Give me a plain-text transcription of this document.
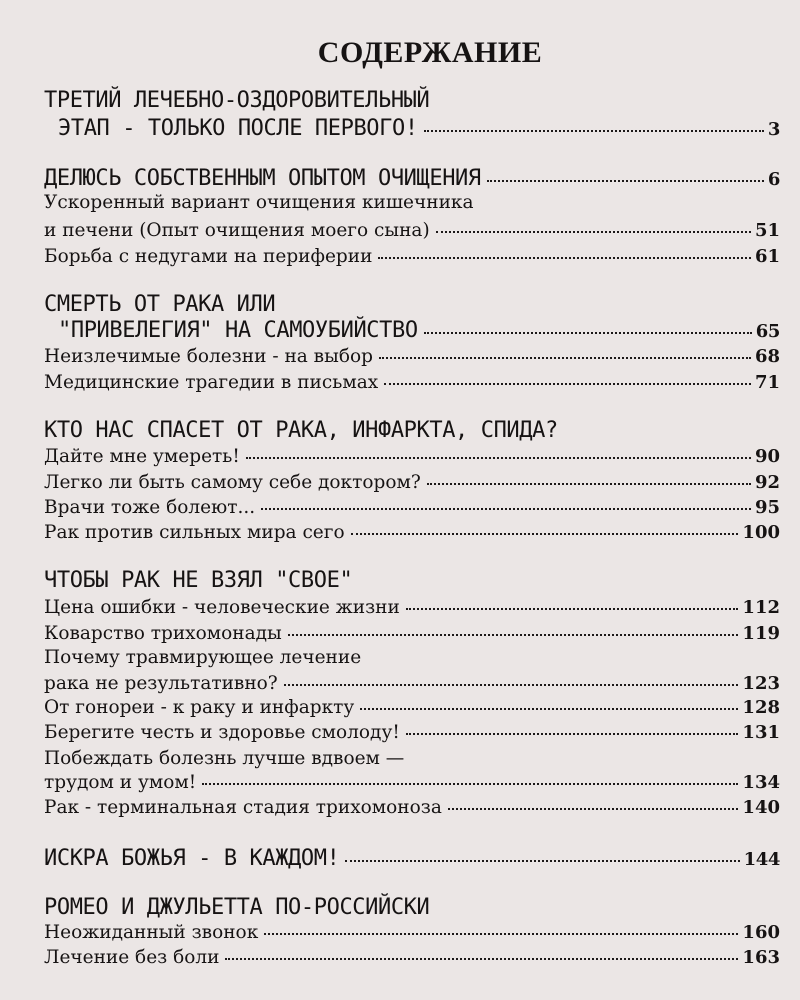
СОДЕРЖАНИЕ
ТРЕТИЙ ЛЕЧЕБНО-ОЗДОРОВИТЕЛЬНЫЙ
ЭТАП - ТОЛЬКО ПОСЛЕ ПЕРВОГО!	3
ДЕЛЮСЬ СОБСТВЕННЫМ ОПЫТОМ ОЧИЩЕНИЯ	6
Ускоренный вариант очищения кишечника
и печени (Опыт очищения моего сына)	51
Борьба с недугами на периферии	61
СМЕРТЬ ОТ РАКА ИЛИ
"ПРИВЕЛЕГИЯ" НА САМОУБИЙСТВО	65
Неизлечимые болезни - на выбор	68
Медицинские трагедии в письмах	71
КТО НАС СПАСЕТ ОТ РАКА, ИНФАРКТА, СПИДА?
Дайте мне умереть!	90
Легко ли быть самому себе доктором?	92
Врачи тоже болеют...	95
Рак против сильных мира сего	100
ЧТОБЫ РАК НЕ ВЗЯЛ "СВОЕ"
Цена ошибки - человеческие жизни	112
Коварство трихомонады	119
Почему травмирующее лечение
рака не результативно?	123
От гонореи - к раку и инфаркту	128
Берегите честь и здоровье смолоду!	131
Побеждать болезнь лучше вдвоем —
трудом и умом!	134
Рак - терминальная стадия трихомоноза	140
ИСКРА БОЖЬЯ - В КАЖДОМ!	144
РОМЕО И ДЖУЛЬЕТТА ПО-РОССИЙСКИ
Неожиданный звонок	160
Лечение без боли	163
